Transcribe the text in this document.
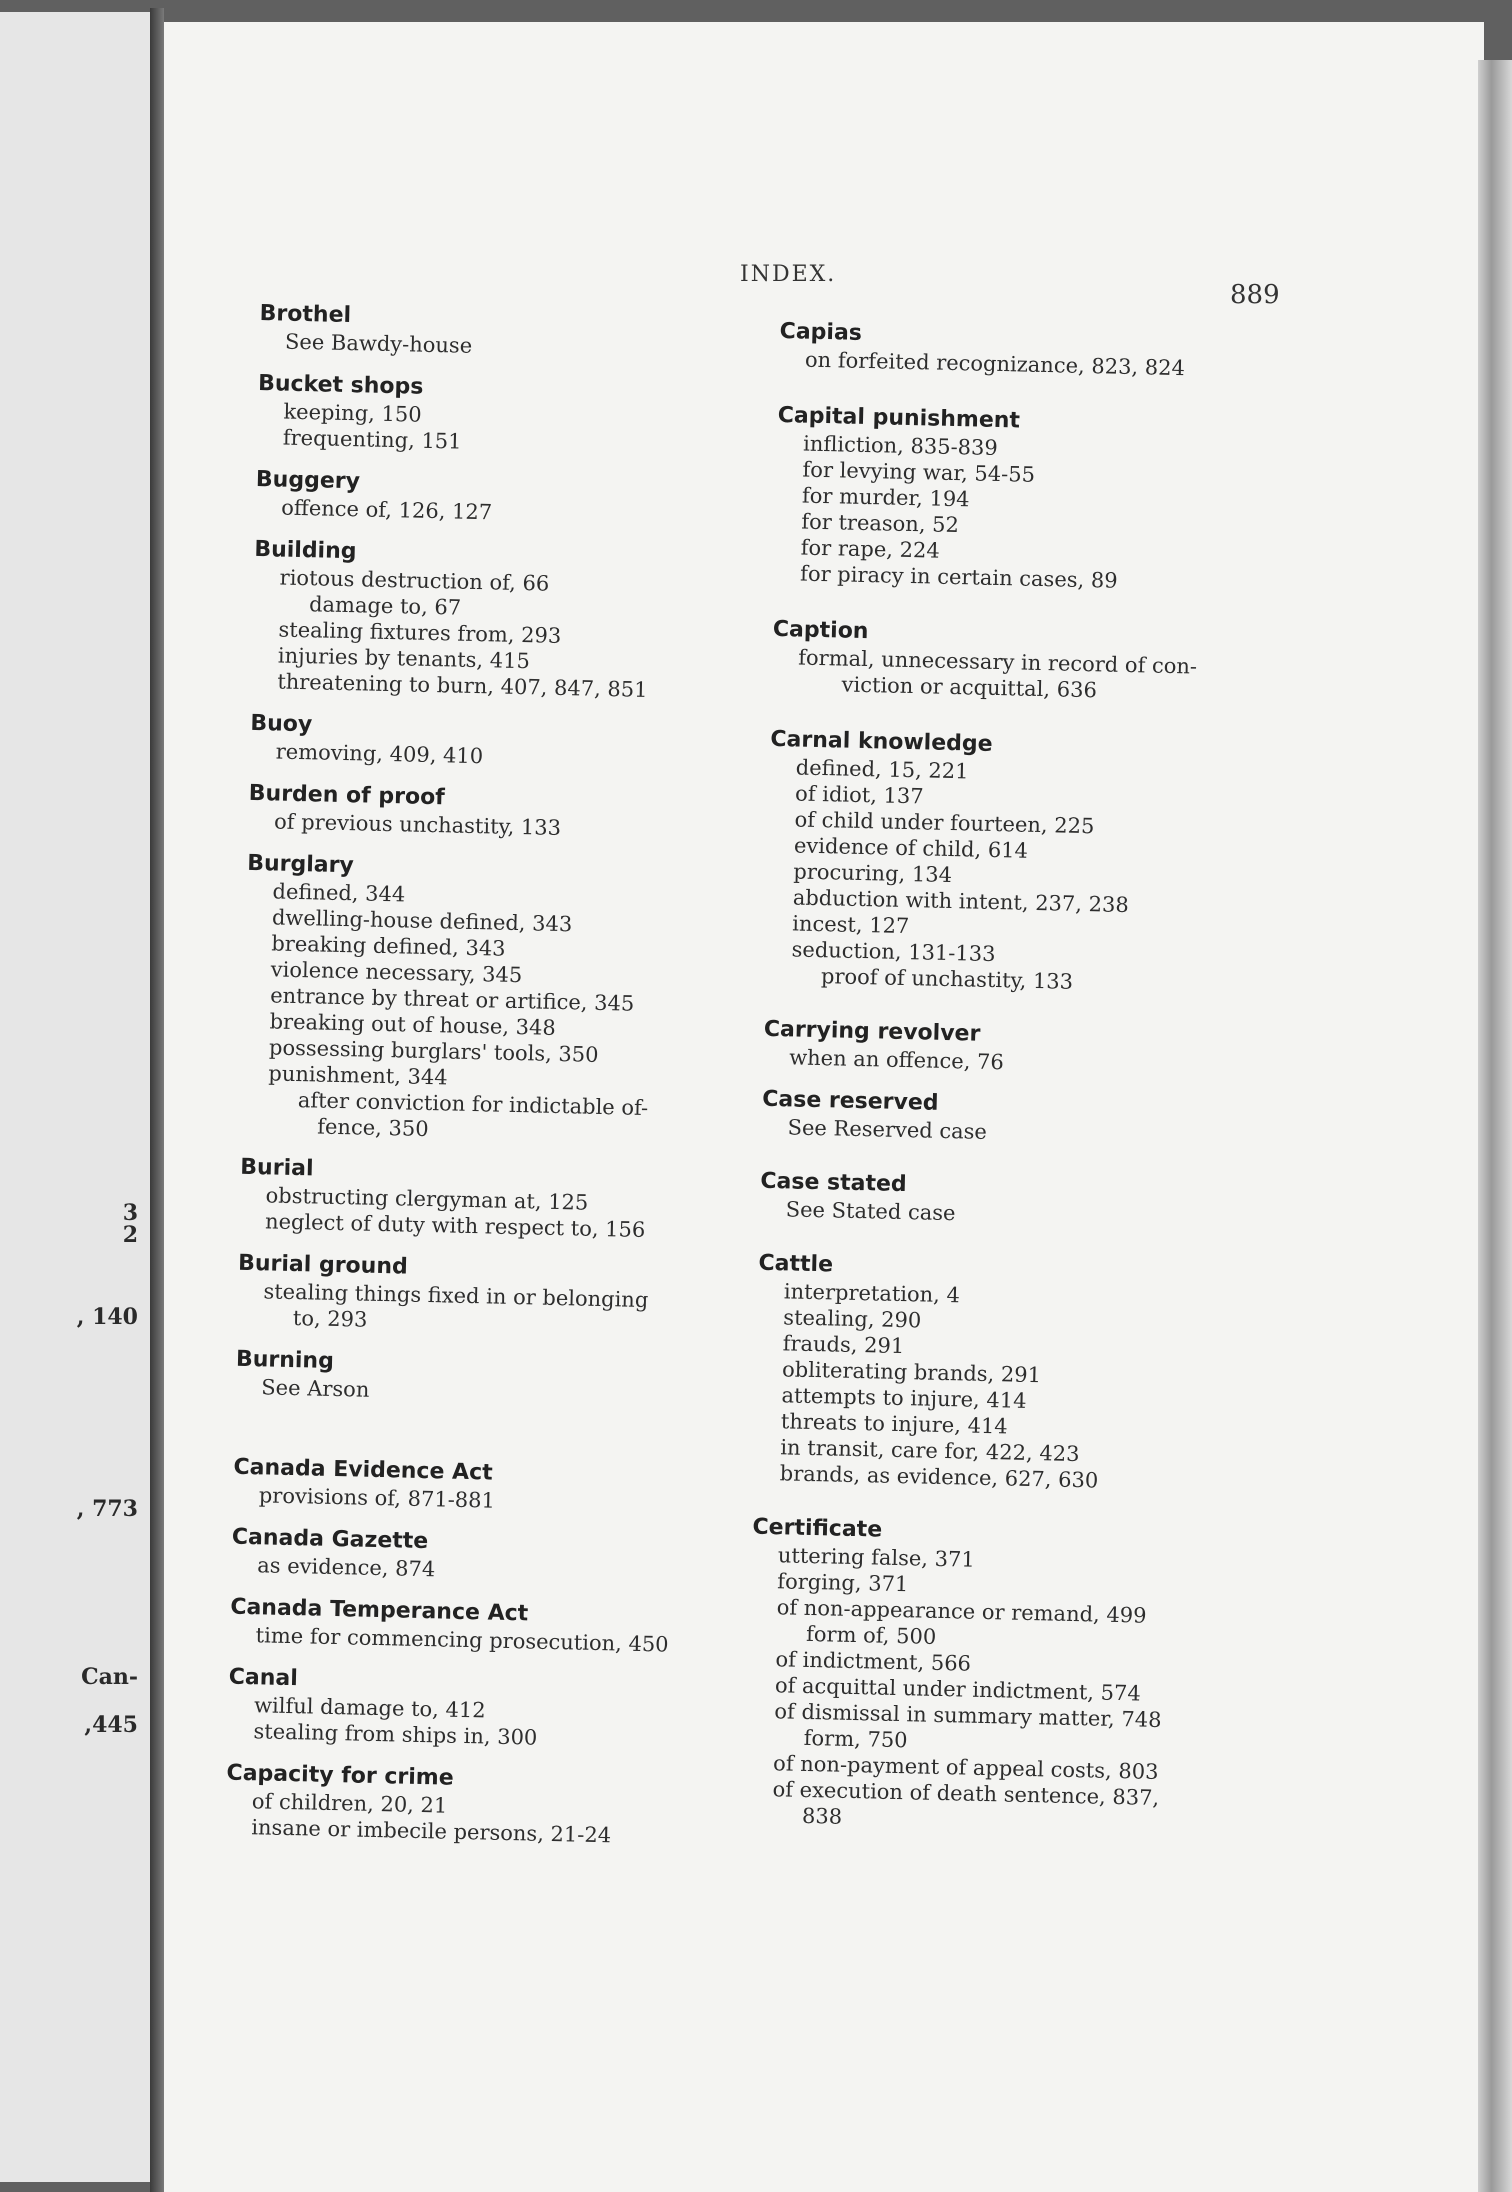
3
2
, 140
, 773
Can-
,445
INDEX.
889
Brothel
See Bawdy-house
Bucket shops
keeping, 150
frequenting, 151
Buggery
offence of, 126, 127
Building
riotous destruction of, 66
damage to, 67
stealing fixtures from, 293
injuries by tenants, 415
threatening to burn, 407, 847, 851
Buoy
removing, 409, 410
Burden of proof
of previous unchastity, 133
Burglary
defined, 344
dwelling-house defined, 343
breaking defined, 343
violence necessary, 345
entrance by threat or artifice, 345
breaking out of house, 348
possessing burglars' tools, 350
punishment, 344
after conviction for indictable of-
fence, 350
Burial
obstructing clergyman at, 125
neglect of duty with respect to, 156
Burial ground
stealing things fixed in or belonging
to, 293
Burning
See Arson
Canada Evidence Act
provisions of, 871-881
Canada Gazette
as evidence, 874
Canada Temperance Act
time for commencing prosecution, 450
Canal
wilful damage to, 412
stealing from ships in, 300
Capacity for crime
of children, 20, 21
insane or imbecile persons, 21-24
Capias
on forfeited recognizance, 823, 824
Capital punishment
infliction, 835-839
for levying war, 54-55
for murder, 194
for treason, 52
for rape, 224
for piracy in certain cases, 89
Caption
formal, unnecessary in record of con-
viction or acquittal, 636
Carnal knowledge
defined, 15, 221
of idiot, 137
of child under fourteen, 225
evidence of child, 614
procuring, 134
abduction with intent, 237, 238
incest, 127
seduction, 131-133
proof of unchastity, 133
Carrying revolver
when an offence, 76
Case reserved
See Reserved case
Case stated
See Stated case
Cattle
interpretation, 4
stealing, 290
frauds, 291
obliterating brands, 291
attempts to injure, 414
threats to injure, 414
in transit, care for, 422, 423
brands, as evidence, 627, 630
Certificate
uttering false, 371
forging, 371
of non-appearance or remand, 499
form of, 500
of indictment, 566
of acquittal under indictment, 574
of dismissal in summary matter, 748
form, 750
of non-payment of appeal costs, 803
of execution of death sentence, 837,
838
